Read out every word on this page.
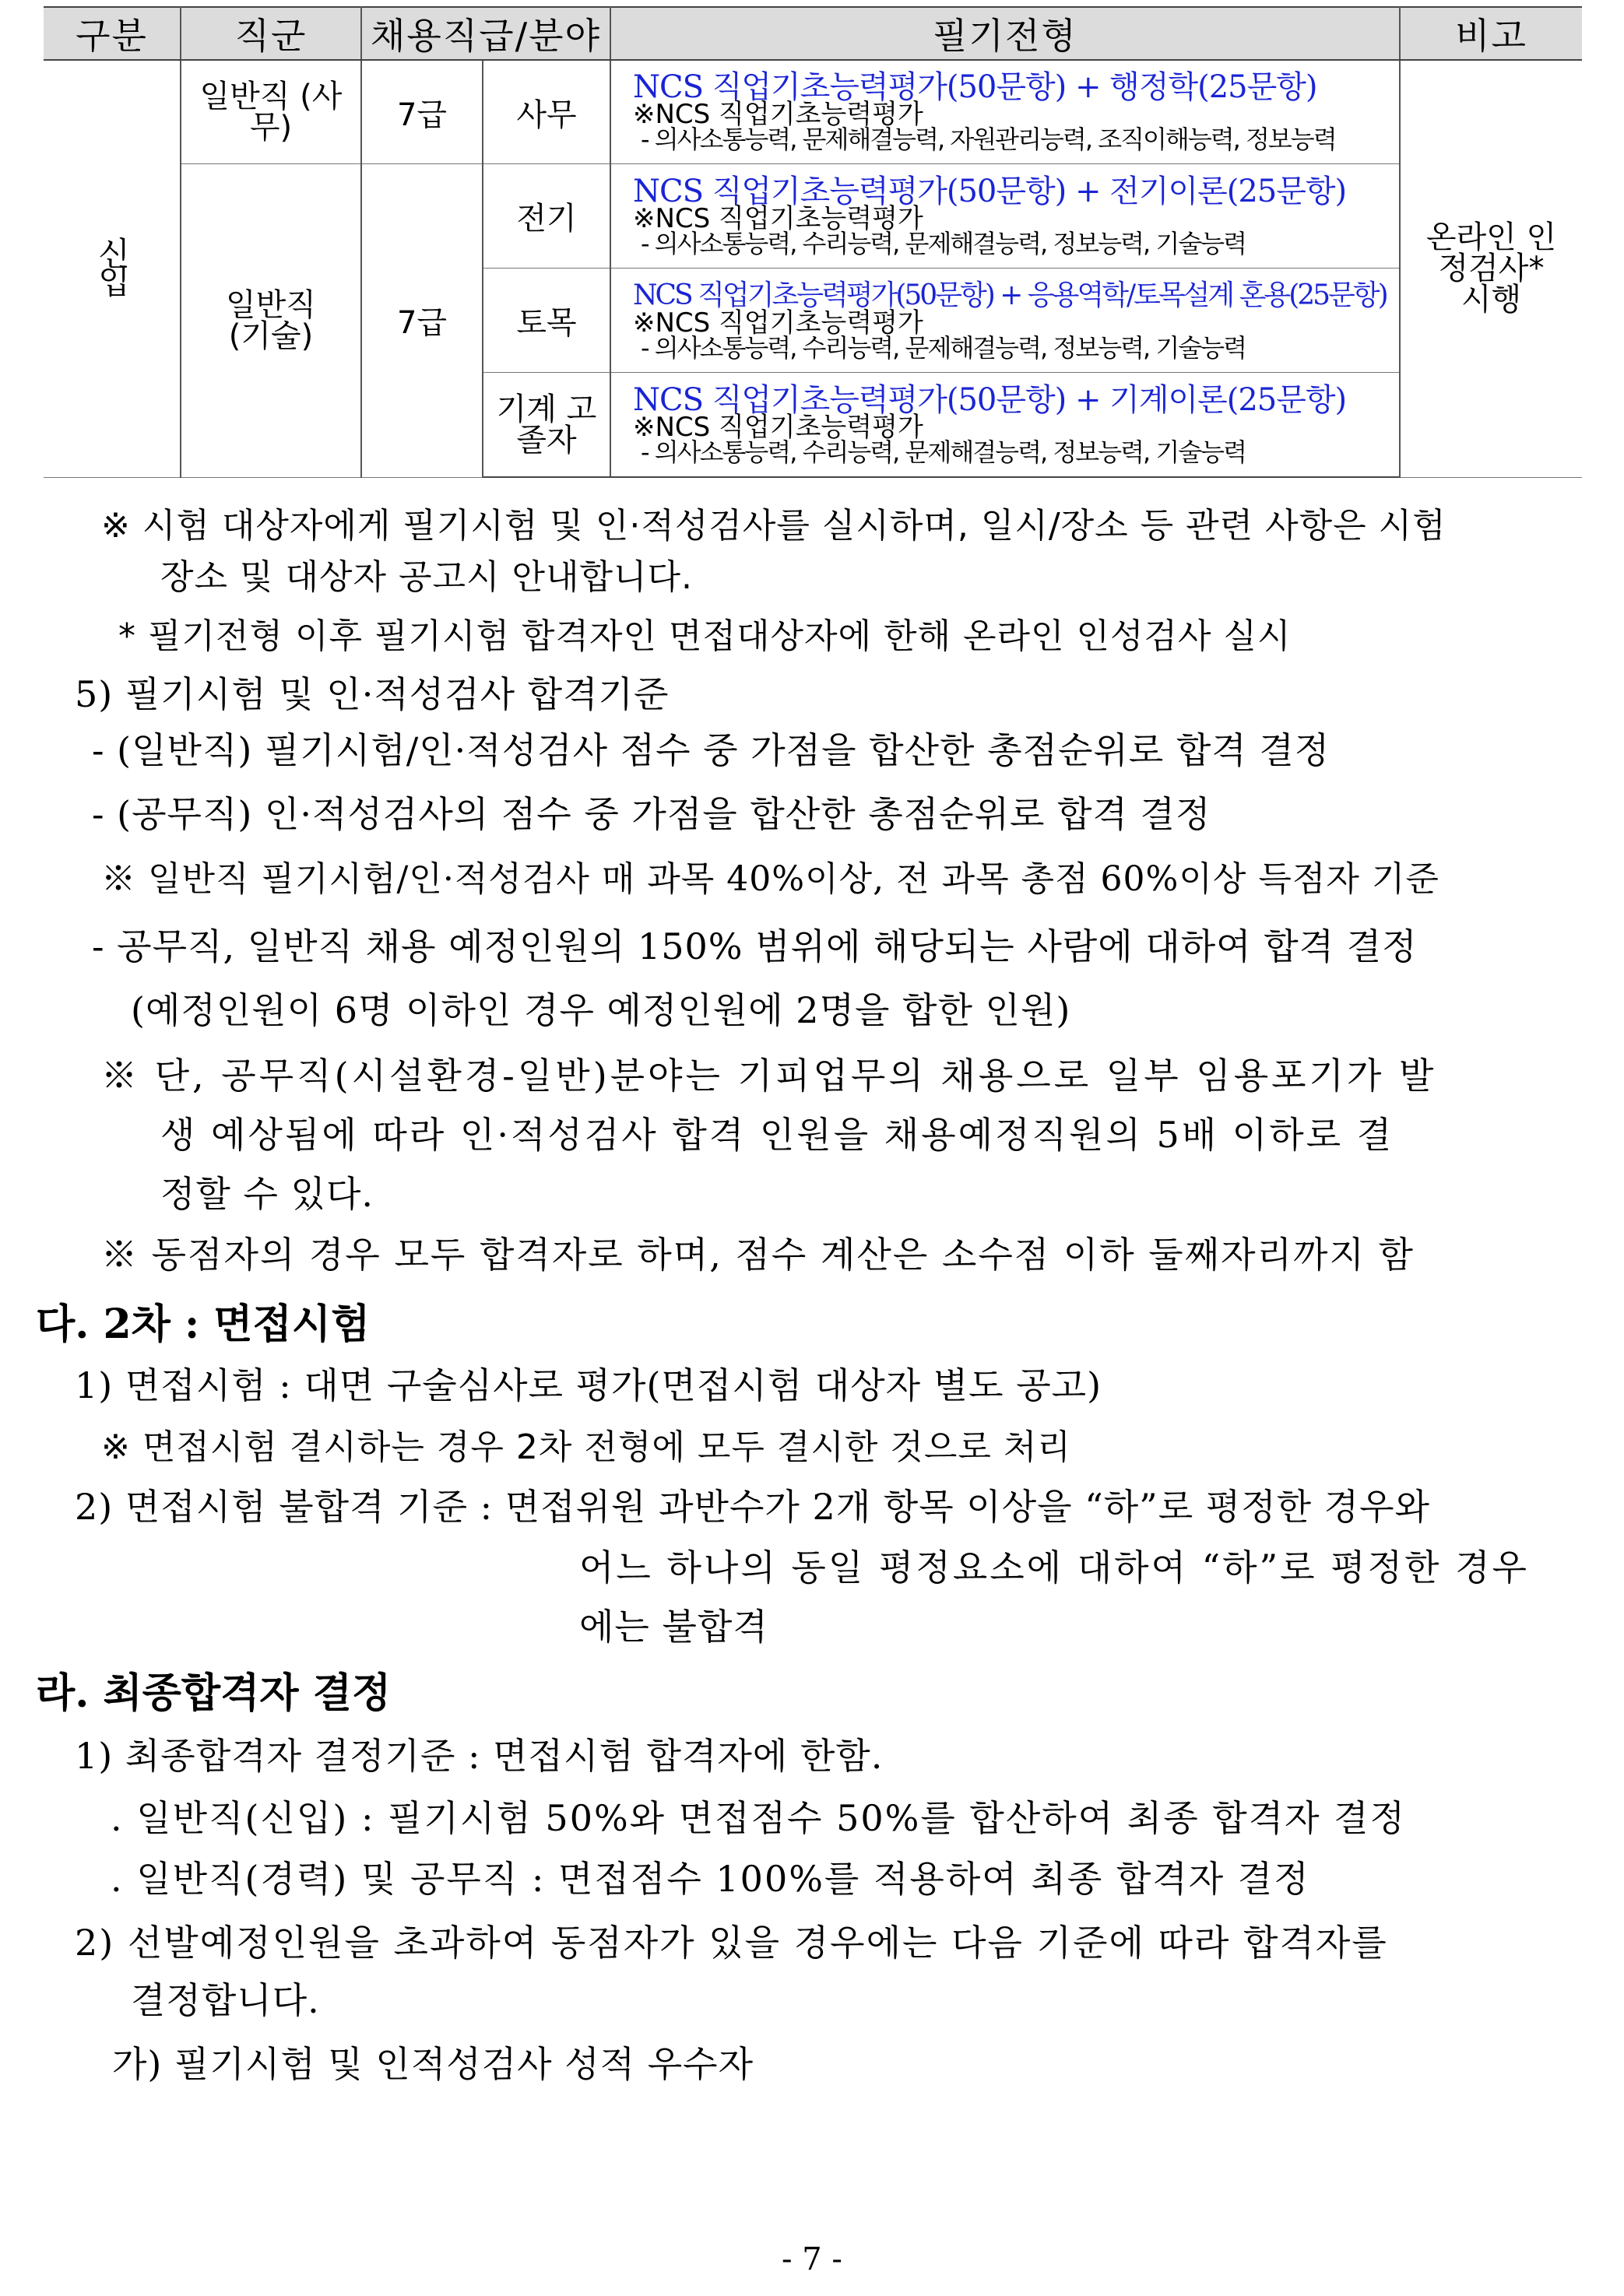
구분	직군	채용직급/분야		필기전형	비고
신입	일반직 (사무)	7급	사무	NCS 직업기초능력평가(50문항) + 행정학(25문항)
※NCS 직업기초능력평가
- 의사소통능력, 문제해결능력, 자원관리능력, 조직이해능력, 정보능력	온라인 인정검사* 시행
	일반직 (기술)	7급	전기	NCS 직업기초능력평가(50문항) + 전기이론(25문항)
※NCS 직업기초능력평가
- 의사소통능력, 수리능력, 문제해결능력, 정보능력, 기술능력	

			토목	NCS 직업기초능력평가(50문항) + 응용역학/토목설계 혼용(25문항)
※NCS 직업기초능력평가
- 의사소통능력, 수리능력, 문제해결능력, 정보능력, 기술능력	

			기계 고졸자	NCS 직업기초능력평가(50문항) + 기계이론(25문항)
※NCS 직업기초능력평가
- 의사소통능력, 수리능력, 문제해결능력, 정보능력, 기술능력	
※ 시험 대상자에게 필기시험 및 인·적성검사를 실시하며, 일시/장소 등 관련 사항은 시험
장소 및 대상자 공고시 안내합니다.
* 필기전형 이후 필기시험 합격자인 면접대상자에 한해 온라인 인성검사 실시
5) 필기시험 및 인·적성검사 합격기준
- (일반직) 필기시험/인·적성검사 점수 중 가점을 합산한 총점순위로 합격 결정
- (공무직) 인·적성검사의 점수 중 가점을 합산한 총점순위로 합격 결정
※ 일반직 필기시험/인·적성검사 매 과목 40%이상, 전 과목 총점 60%이상 득점자 기준
- 공무직, 일반직 채용 예정인원의 150% 범위에 해당되는 사람에 대하여 합격 결정
(예정인원이 6명 이하인 경우 예정인원에 2명을 합한 인원)
※ 단, 공무직(시설환경-일반)분야는 기피업무의 채용으로 일부 임용포기가 발
생 예상됨에 따라 인·적성검사 합격 인원을 채용예정직원의 5배 이하로 결
정할 수 있다.
※ 동점자의 경우 모두 합격자로 하며, 점수 계산은 소수점 이하 둘째자리까지 함
다. 2차 : 면접시험
1) 면접시험 : 대면 구술심사로 평가(면접시험 대상자 별도 공고)
※ 면접시험 결시하는 경우 2차 전형에 모두 결시한 것으로 처리
2) 면접시험 불합격 기준 : 면접위원 과반수가 2개 항목 이상을 “하”로 평정한 경우와
어느 하나의 동일 평정요소에 대하여 “하”로 평정한 경우
에는 불합격
라. 최종합격자 결정
1) 최종합격자 결정기준 : 면접시험 합격자에 한함.
. 일반직(신입) : 필기시험 50%와 면접점수 50%를 합산하여 최종 합격자 결정
. 일반직(경력) 및 공무직 : 면접점수 100%를 적용하여 최종 합격자 결정
2) 선발예정인원을 초과하여 동점자가 있을 경우에는 다음 기준에 따라 합격자를
결정합니다.
가) 필기시험 및 인적성검사 성적 우수자
- 7 -
